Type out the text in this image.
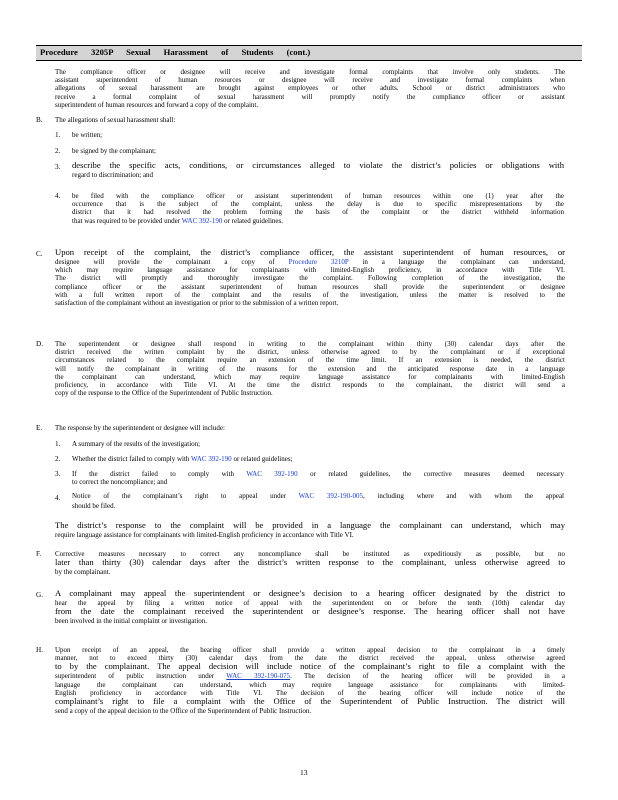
Procedure 3205P Sexual Harassment of Students (cont.)
The compliance officer or designee will receive and investigate formal complaints that involve only students. The
assistant superintendent of human resources or designee will receive and investigate formal complaints when
allegations of sexual harassment are brought against employees or other adults. School or district administrators who
receive a formal complaint of sexual harassment will promptly notify the compliance officer or assistant
superintendent of human resources and forward a copy of the complaint.
B. The allegations of sexual harassment shall:
1. be written;
2. be signed by the complainant;
3. describe the specific acts, conditions, or circumstances alleged to violate the district’s policies or obligations with
regard to discrimination; and
4. be filed with the compliance officer or assistant superintendent of human resources within one (1) year after the
occurrence that is the subject of the complaint, unless the delay is due to specific misrepresentations by the
district that it had resolved the problem forming the basis of the complaint or the district withheld information
that was required to be provided under WAC 392-190 or related guidelines.
C. Upon receipt of the complaint, the district’s compliance officer, the assistant superintendent of human resources, or
designee will provide the complainant a copy of Procedure 3210P in a language the complainant can understand,
which may require language assistance for complainants with limited-English proficiency, in accordance with Title VI.
The district will promptly and thoroughly investigate the complaint. Following completion of the investigation, the
compliance officer or the assistant superintendent of human resources shall provide the superintendent or designee
with a full written report of the complaint and the results of the investigation, unless the matter is resolved to the
satisfaction of the complainant without an investigation or prior to the submission of a written report.
D. The superintendent or designee shall respond in writing to the complainant within thirty (30) calendar days after the
district received the written complaint by the district, unless otherwise agreed to by the complainant or if exceptional
circumstances related to the complaint require an extension of the time limit. If an extension is needed, the district
will notify the complainant in writing of the reasons for the extension and the anticipated response date in a language
the complainant can understand, which may require language assistance for complainants with limited-English
proficiency, in accordance with Title VI. At the time the district responds to the complainant, the district will send a
copy of the response to the Office of the Superintendent of Public Instruction.
E. The response by the superintendent or designee will include:
1. A summary of the results of the investigation;
2. Whether the district failed to comply with WAC 392-190 or related guidelines;
3. If the district failed to comply with WAC 392-190 or related guidelines, the corrective measures deemed necessary
to correct the noncompliance; and
4. Notice of the complainant’s right to appeal under WAC 392-190-005, including where and with whom the appeal
should be filed.
The district’s response to the complaint will be provided in a language the complainant can understand, which may
require language assistance for complainants with limited-English proficiency in accordance with Title VI.
F. Corrective measures necessary to correct any noncompliance shall be instituted as expeditiously as possible, but no
later than thirty (30) calendar days after the district’s written response to the complainant, unless otherwise agreed to
by the complainant.
G. A complainant may appeal the superintendent or designee’s decision to a hearing officer designated by the district to
hear the appeal by filing a written notice of appeal with the superintendent on or before the tenth (10th) calendar day
from the date the complainant received the superintendent or designee’s response. The hearing officer shall not have
been involved in the initial complaint or investigation.
H. Upon receipt of an appeal, the hearing officer shall provide a written appeal decision to the complainant in a timely
manner, not to exceed thirty (30) calendar days from the date the district received the appeal, unless otherwise agreed
to by the complainant. The appeal decision will include notice of the complainant’s right to file a complaint with the
superintendent of public instruction under WAC 392-190-075. The decision of the hearing officer will be provided in a
language the complainant can understand, which may require language assistance for complainants with limited-
English proficiency in accordance with Title VI. The decision of the hearing officer will include notice of the
complainant’s right to file a complaint with the Office of the Superintendent of Public Instruction. The district will
send a copy of the appeal decision to the Office of the Superintendent of Public Instruction.
13
